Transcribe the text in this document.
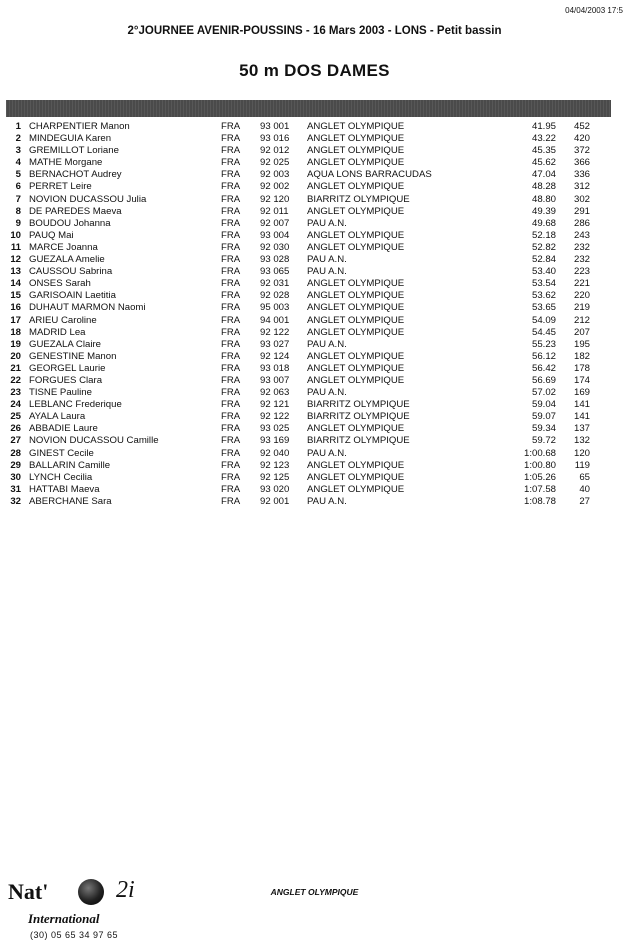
04/04/2003 17:5
2°JOURNEE AVENIR-POUSSINS - 16 Mars 2003 - LONS - Petit bassin
50 m DOS DAMES
1 CHARPENTIER Manon	FRA 93 001 ANGLET OLYMPIQUE	41.95	452
2 MINDEGUIA Karen	FRA 93 016 ANGLET OLYMPIQUE	43.22	420
3 GREMILLOT Loriane	FRA 92 012 ANGLET OLYMPIQUE	45.35	372
4 MATHE Morgane	FRA 92 025 ANGLET OLYMPIQUE	45.62	366
5 BERNACHOT Audrey	FRA 92 003 AQUA LONS BARRACUDAS	47.04	336
6 PERRET Leire	FRA 92 002 ANGLET OLYMPIQUE	48.28	312
7 NOVION DUCASSOU Julia	FRA 92 120 BIARRITZ OLYMPIQUE	48.80	302
8 DE PAREDES Maeva	FRA 92 011 ANGLET OLYMPIQUE	49.39	291
9 BOUDOU Johanna	FRA 92 007 PAU A.N.	49.68	286
10 PAUQ Mai	FRA 93 004 ANGLET OLYMPIQUE	52.18	243
11 MARCE Joanna	FRA 92 030 ANGLET OLYMPIQUE	52.82	232
12 GUEZALA Amelie	FRA 93 028 PAU A.N.	52.84	232
13 CAUSSOU Sabrina	FRA 93 065 PAU A.N.	53.40	223
14 ONSES Sarah	FRA 92 031 ANGLET OLYMPIQUE	53.54	221
15 GARISOAIN Laetitia	FRA 92 028 ANGLET OLYMPIQUE	53.62	220
16 DUHAUT MARMON Naomi	FRA 95 003 ANGLET OLYMPIQUE	53.65	219
17 ARIEU Caroline	FRA 94 001 ANGLET OLYMPIQUE	54.09	212
18 MADRID Lea	FRA 92 122 ANGLET OLYMPIQUE	54.45	207
19 GUEZALA Claire	FRA 93 027 PAU A.N.	55.23	195
20 GENESTINE Manon	FRA 92 124 ANGLET OLYMPIQUE	56.12	182
21 GEORGEL Laurie	FRA 93 018 ANGLET OLYMPIQUE	56.42	178
22 FORGUES Clara	FRA 93 007 ANGLET OLYMPIQUE	56.69	174
23 TISNE Pauline	FRA 92 063 PAU A.N.	57.02	169
24 LEBLANC Frederique	FRA 92 121 BIARRITZ OLYMPIQUE	59.04	141
25 AYALA Laura	FRA 92 122 BIARRITZ OLYMPIQUE	59.07	141
26 ABBADIE Laure	FRA 93 025 ANGLET OLYMPIQUE	59.34	137
27 NOVION DUCASSOU Camille	FRA 93 169 BIARRITZ OLYMPIQUE	59.72	132
28 GINEST Cecile	FRA 92 040 PAU A.N.	1:00.68	120
29 BALLARIN Camille	FRA 92 123 ANGLET OLYMPIQUE	1:00.80	119
30 LYNCH Cecilia	FRA 92 125 ANGLET OLYMPIQUE	1:05.26	65
31 HATTABI Maeva	FRA 93 020 ANGLET OLYMPIQUE	1:07.58	40
32 ABERCHANE Sara	FRA 92 001 PAU A.N.	1:08.78	27
Nat'	2i
International
(30) 05 65 34 97 65
ANGLET OLYMPIQUE
